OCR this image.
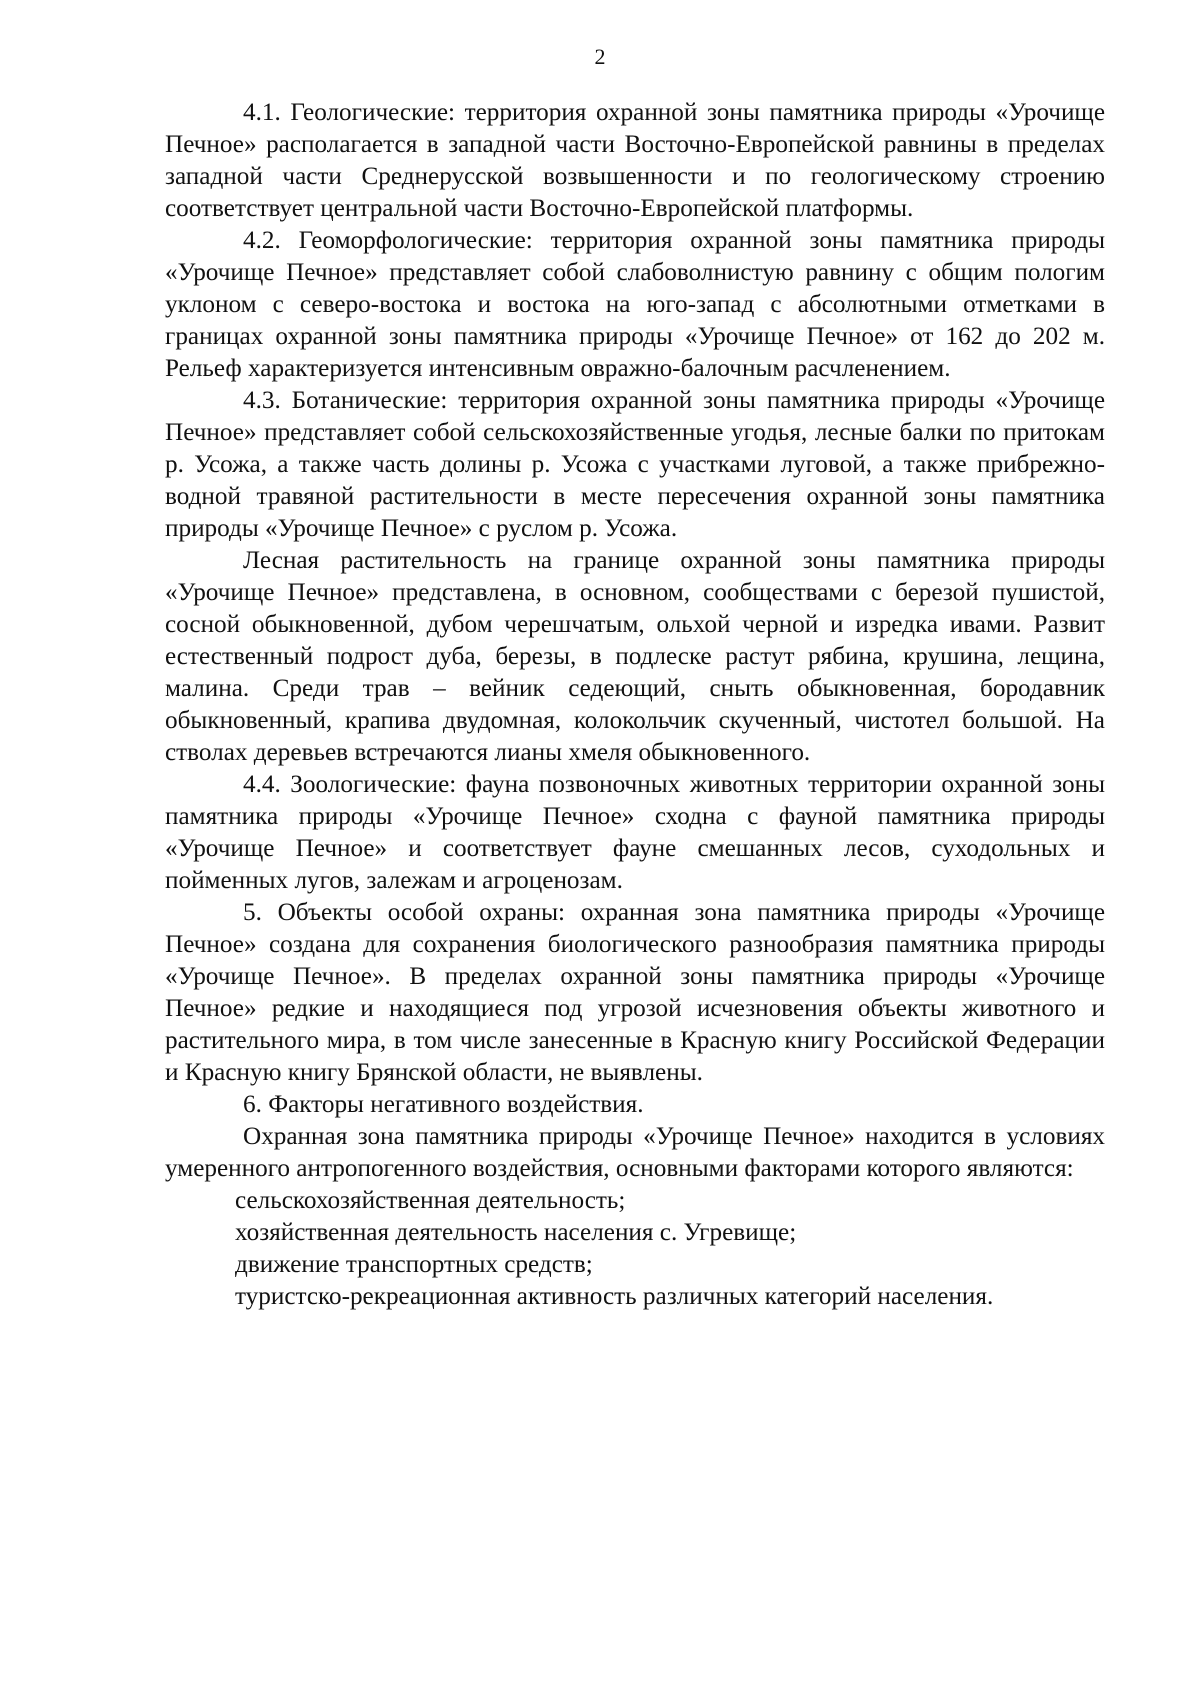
2

4.1. Геологические: территория охранной зоны памятника природы «Урочище Печное» располагается в западной части Восточно-Европейской равнины в пределах западной части Среднерусской возвышенности и по геологическому строению соответствует центральной части Восточно-Европейской платформы.

4.2. Геоморфологические: территория охранной зоны памятника природы «Урочище Печное» представляет собой слабоволнистую равнину с общим пологим уклоном с северо-востока и востока на юго-запад с абсолютными отметками в границах охранной зоны памятника природы «Урочище Печное» от 162 до 202 м. Рельеф характеризуется интенсивным овражно-балочным расчленением.

4.3. Ботанические: территория охранной зоны памятника природы «Урочище Печное» представляет собой сельскохозяйственные угодья, лесные балки по притокам р. Усожа, а также часть долины р. Усожа с участками луговой, а также прибрежно-водной травяной растительности в месте пересечения охранной зоны памятника природы «Урочище Печное» с руслом р. Усожа.

Лесная растительность на границе охранной зоны памятника природы «Урочище Печное» представлена, в основном, сообществами с березой пушистой, сосной обыкновенной, дубом черешчатым, ольхой черной и изредка ивами. Развит естественный подрост дуба, березы, в подлеске растут рябина, крушина, лещина, малина. Среди трав – вейник седеющий, сныть обыкновенная, бородавник обыкновенный, крапива двудомная, колокольчик скученный, чистотел большой. На стволах деревьев встречаются лианы хмеля обыкновенного.

4.4. Зоологические: фауна позвоночных животных территории охранной зоны памятника природы «Урочище Печное» сходна с фауной памятника природы «Урочище Печное» и соответствует фауне смешанных лесов, суходольных и пойменных лугов, залежам и агроценозам.

5. Объекты особой охраны: охранная зона памятника природы «Урочище Печное» создана для сохранения биологического разнообразия памятника природы «Урочище Печное». В пределах охранной зоны памятника природы «Урочище Печное» редкие и находящиеся под угрозой исчезновения объекты животного и растительного мира, в том числе занесенные в Красную книгу Российской Федерации и Красную книгу Брянской области, не выявлены.

6. Факторы негативного воздействия.

Охранная зона памятника природы «Урочище Печное» находится в условиях умеренного антропогенного воздействия, основными факторами которого являются:

сельскохозяйственная деятельность;

хозяйственная деятельность населения с. Угревище;

движение транспортных средств;

туристско-рекреационная активность различных категорий населения.
